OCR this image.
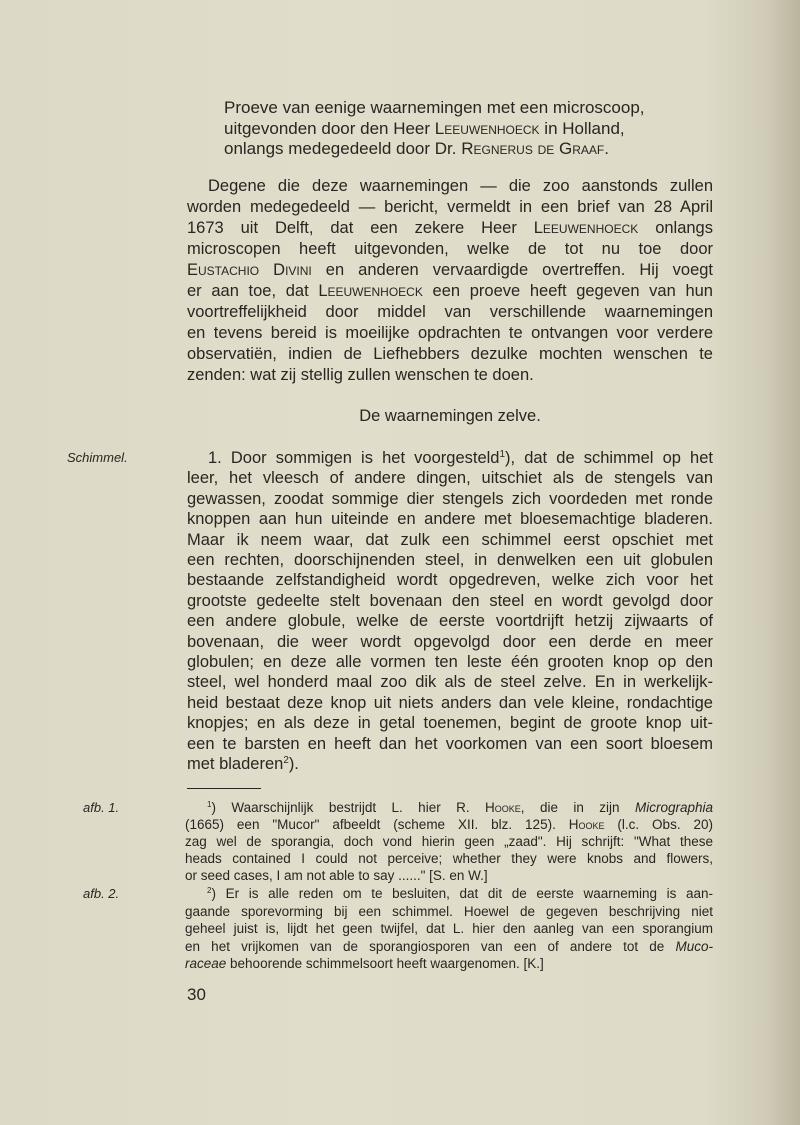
Proeve van eenige waarnemingen met een microscoop,
uitgevonden door den Heer Leeuwenhoeck in Holland,
onlangs medegedeeld door Dr. Regnerus de Graaf.
Degene die deze waarnemingen — die zoo aanstonds zullen
worden medegedeeld — bericht, vermeldt in een brief van 28 April
1673 uit Delft, dat een zekere Heer Leeuwenhoeck onlangs
microscopen heeft uitgevonden, welke de tot nu toe door
Eustachio Divini en anderen vervaardigde overtreffen. Hij voegt
er aan toe, dat Leeuwenhoeck een proeve heeft gegeven van hun
voortreffelijkheid door middel van verschillende waarnemingen
en tevens bereid is moeilijke opdrachten te ontvangen voor verdere
observatiën, indien de Liefhebbers dezulke mochten wenschen te
zenden: wat zij stellig zullen wenschen te doen.
De waarnemingen zelve.
Schimmel.	1. Door sommigen is het voorgesteld$^1$), dat de schimmel op het
leer, het vleesch of andere dingen, uitschiet als de stengels van
gewassen, zoodat sommige dier stengels zich voordeden met ronde
knoppen aan hun uiteinde en andere met bloesemachtige bladeren.
Maar ik neem waar, dat zulk een schimmel eerst opschiet met
een rechten, doorschijnenden steel, in denwelken een uit globulen
bestaande zelfstandigheid wordt opgedreven, welke zich voor het
grootste gedeelte stelt bovenaan den steel en wordt gevolgd door
een andere globule, welke de eerste voortdrijft hetzij zijwaarts of
bovenaan, die weer wordt opgevolgd door een derde en meer
globulen; en deze alle vormen ten leste één grooten knop op den
steel, wel honderd maal zoo dik als de steel zelve. En in werkelijk-
heid bestaat deze knop uit niets anders dan vele kleine, rondachtige
knopjes; en als deze in getal toenemen, begint de groote knop uit-
een te barsten en heeft dan het voorkomen van een soort bloesem
met bladeren$^2$).
afb. 1.	$^1$) Waarschijnlijk bestrijdt L. hier R. Hooke, die in zijn Micrographia
(1665) een "Mucor" afbeeldt (scheme XII. blz. 125). Hooke (l.c. Obs. 20)
zag wel de sporangia, doch vond hierin geen „zaad". Hij schrijft: "What these
heads contained I could not perceive; whether they were knobs and flowers,
or seed cases, I am not able to say ......" [S. en W.]
afb. 2.	$^2$) Er is alle reden om te besluiten, dat dit de eerste waarneming is aan-
gaande sporevorming bij een schimmel. Hoewel de gegeven beschrijving niet
geheel juist is, lijdt het geen twijfel, dat L. hier den aanleg van een sporangium
en het vrijkomen van de sporangiosporen van een of andere tot de Muco-
raceae behoorende schimmelsoort heeft waargenomen. [K.]
30
